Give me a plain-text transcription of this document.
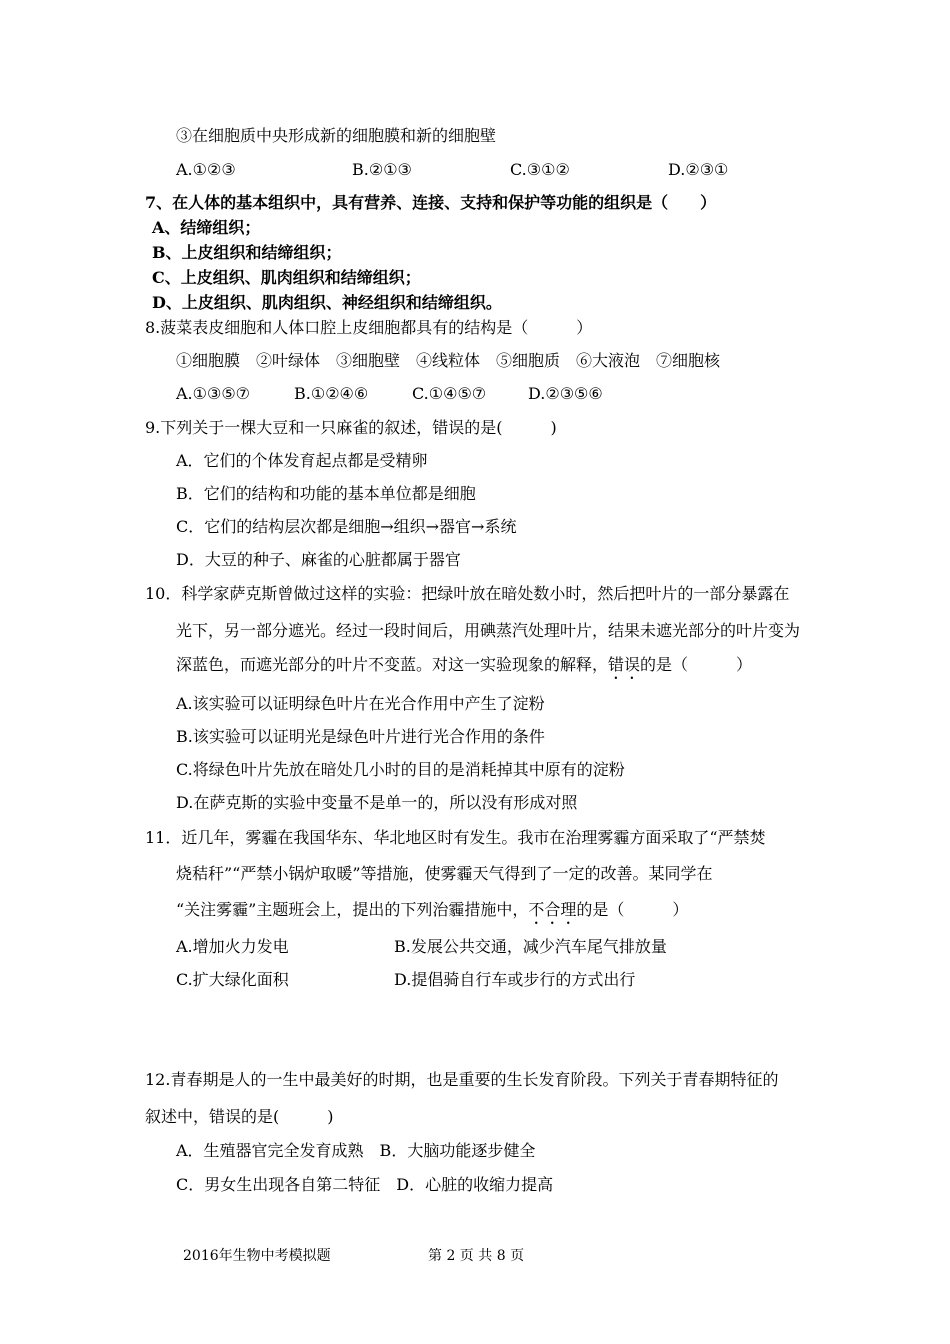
③在细胞质中央形成新的细胞膜和新的细胞壁
A.①②③	B.②①③	C.③①②	D.②③①
7、在人体的基本组织中，具有营养、连接、支持和保护等功能的组织是（　　）
A、结缔组织；
B、上皮组织和结缔组织；
C、上皮组织、肌肉组织和结缔组织；
D、上皮组织、肌肉组织、神经组织和结缔组织。
8.菠菜表皮细胞和人体口腔上皮细胞都具有的结构是（　　　）
①细胞膜　②叶绿体　③细胞壁　④线粒体　⑤细胞质　⑥大液泡　⑦细胞核
A.①③⑤⑦	B.①②④⑥	C.①④⑤⑦	D.②③⑤⑥
9.下列关于一棵大豆和一只麻雀的叙述，错误的是(　　　)
A．它们的个体发育起点都是受精卵
B．它们的结构和功能的基本单位都是细胞
C．它们的结构层次都是细胞→组织→器官→系统
D．大豆的种子、麻雀的心脏都属于器官
10．科学家萨克斯曾做过这样的实验：把绿叶放在暗处数小时，然后把叶片的一部分暴露在
光下，另一部分遮光。经过一段时间后，用碘蒸汽处理叶片，结果未遮光部分的叶片变为
深蓝色，而遮光部分的叶片不变蓝。对这一实验现象的解释，错误的是（　　　）
A.该实验可以证明绿色叶片在光合作用中产生了淀粉
B.该实验可以证明光是绿色叶片进行光合作用的条件
C.将绿色叶片先放在暗处几小时的目的是消耗掉其中原有的淀粉
D.在萨克斯的实验中变量不是单一的，所以没有形成对照
11．近几年，雾霾在我国华东、华北地区时有发生。我市在治理雾霾方面采取了“严禁焚
烧秸秆”“严禁小锅炉取暖”等措施，使雾霾天气得到了一定的改善。某同学在
“关注雾霾”主题班会上，提出的下列治霾措施中，不合理的是（　　　）
A.增加火力发电	B.发展公共交通，减少汽车尾气排放量
C.扩大绿化面积	D.提倡骑自行车或步行的方式出行
12.青春期是人的一生中最美好的时期，也是重要的生长发育阶段。下列关于青春期特征的
叙述中，错误的是(　　　)
A．生殖器官完全发育成熟　B．大脑功能逐步健全
C．男女生出现各自第二特征　D．心脏的收缩力提高
2016年生物中考模拟题	第 2 页 共 8 页
